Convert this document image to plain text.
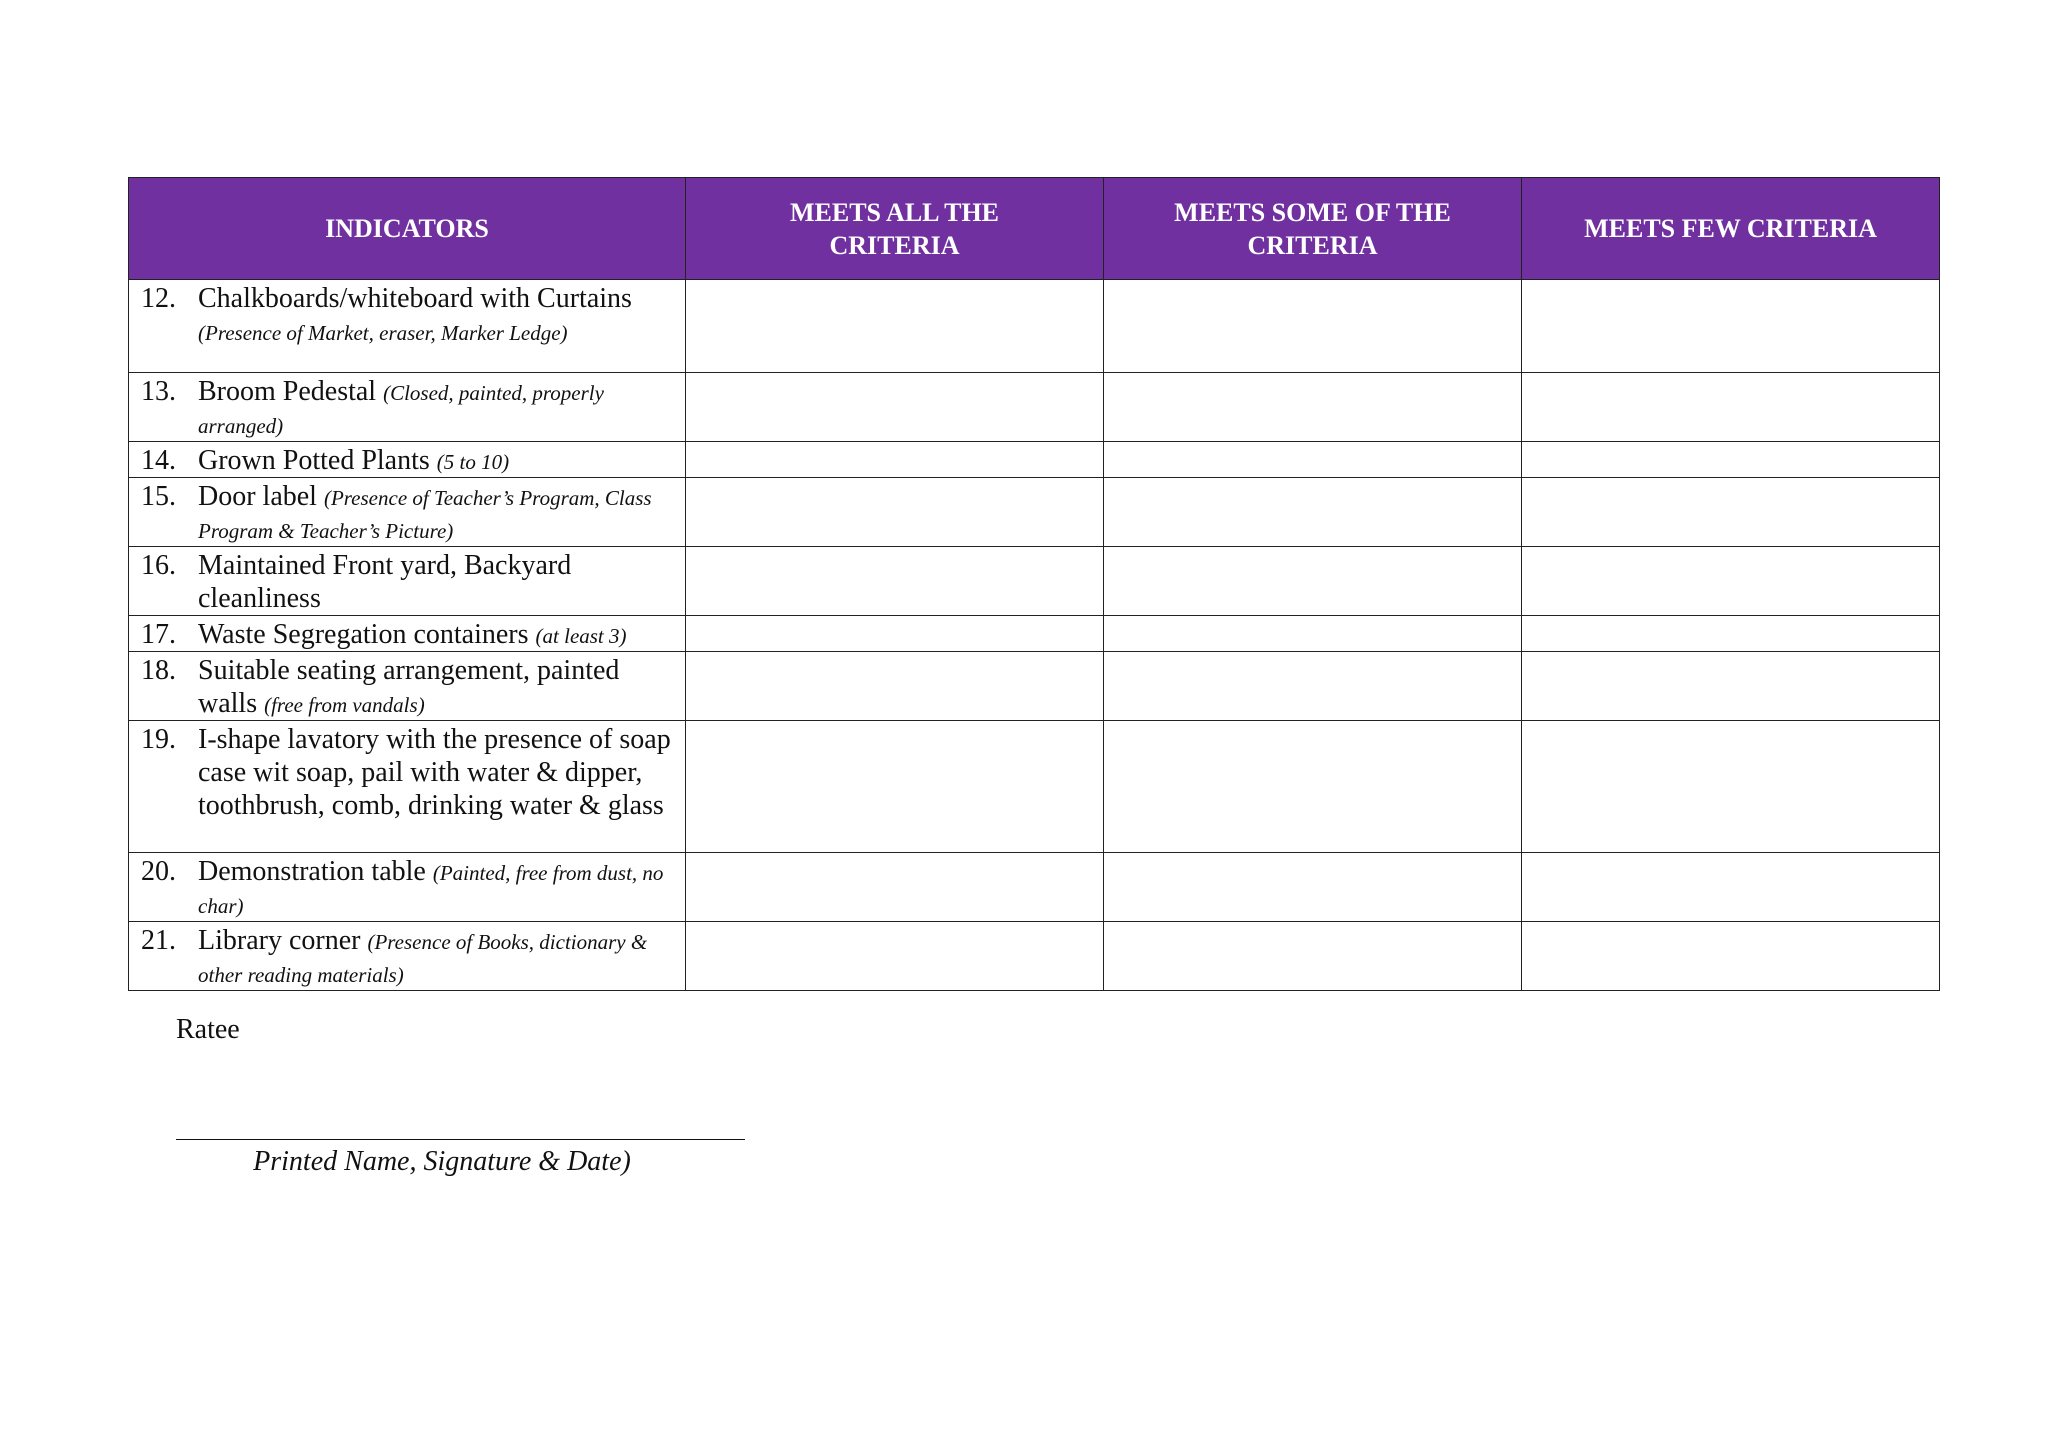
INDICATORS	MEETS ALL THE CRITERIA	MEETS SOME OF THE CRITERIA	MEETS FEW CRITERIA

12. Chalkboards/whiteboard with Curtains (Presence of Market, eraser, Marker Ledge)			

13. Broom Pedestal (Closed, painted, properly arranged)			

14. Grown Potted Plants (5 to 10)			

15. Door label (Presence of Teacher’s Program, Class Program & Teacher’s Picture)			

16. Maintained Front yard, Backyard cleanliness			

17. Waste Segregation containers (at least 3)			

18. Suitable seating arrangement, painted walls (free from vandals)			

19. I-shape lavatory with the presence of soap case wit soap, pail with water & dipper, toothbrush, comb, drinking water & glass			

20. Demonstration table (Painted, free from dust, no char)			

21. Library corner (Presence of Books, dictionary & other reading materials)			

Ratee
Printed Name, Signature & Date)
